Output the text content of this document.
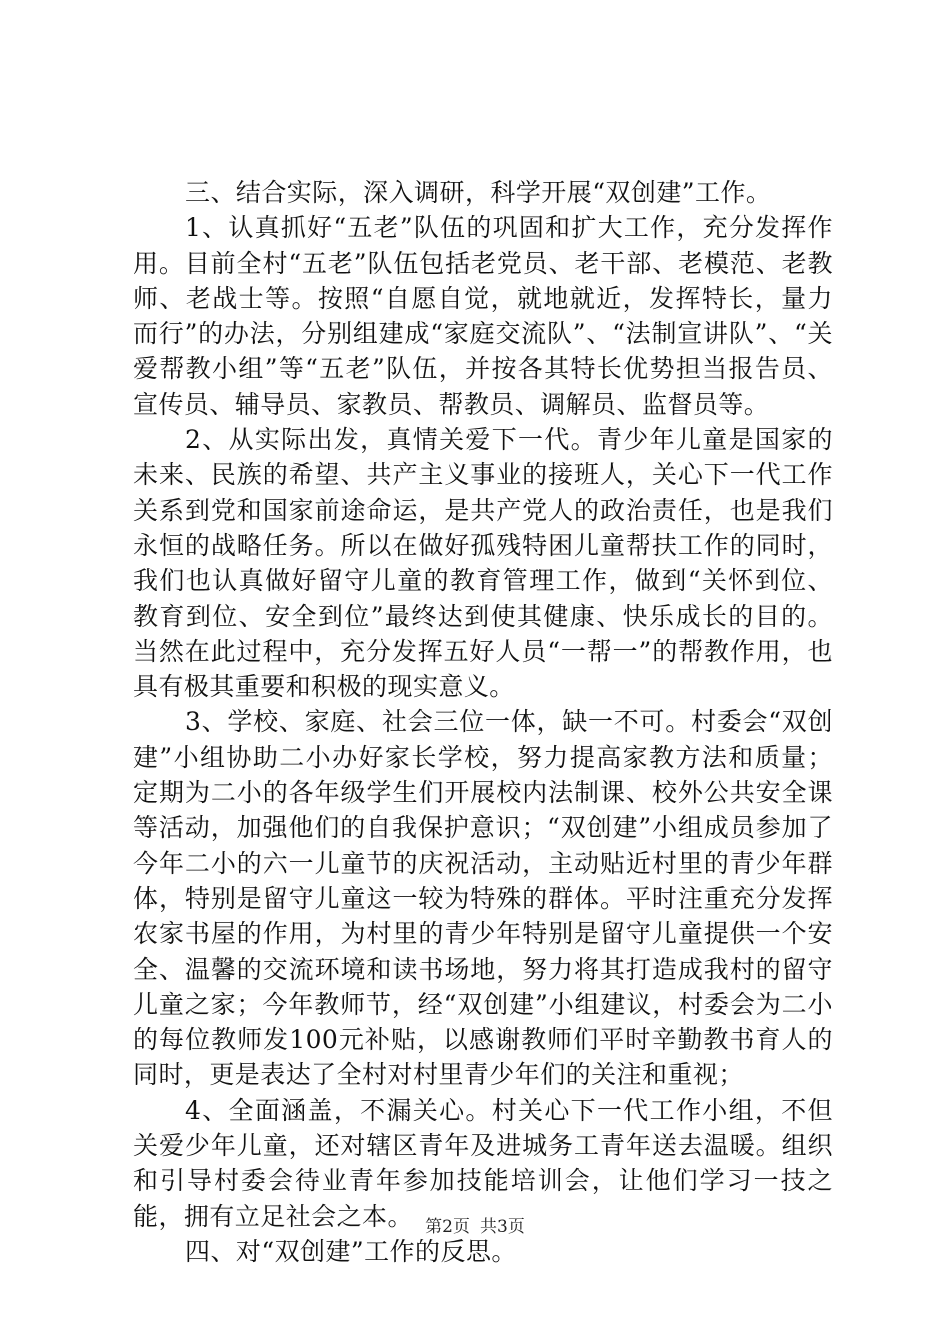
三、结合实际，深入调研，科学开展“双创建”工作。

1、认真抓好“五老”队伍的巩固和扩大工作，充分发挥作用。目前全村“五老”队伍包括老党员、老干部、老模范、老教师、老战士等。按照“自愿自觉，就地就近，发挥特长，量力而行”的办法，分别组建成“家庭交流队”、“法制宣讲队”、“关爱帮教小组”等“五老”队伍，并按各其特长优势担当报告员、宣传员、辅导员、家教员、帮教员、调解员、监督员等。

2、从实际出发，真情关爱下一代。青少年儿童是国家的未来、民族的希望、共产主义事业的接班人，关心下一代工作关系到党和国家前途命运，是共产党人的政治责任，也是我们永恒的战略任务。所以在做好孤残特困儿童帮扶工作的同时，我们也认真做好留守儿童的教育管理工作，做到“关怀到位、教育到位、安全到位”最终达到使其健康、快乐成长的目的。当然在此过程中，充分发挥五好人员“一帮一”的帮教作用，也具有极其重要和积极的现实意义。

3、学校、家庭、社会三位一体，缺一不可。村委会“双创建”小组协助二小办好家长学校，努力提高家教方法和质量；定期为二小的各年级学生们开展校内法制课、校外公共安全课等活动，加强他们的自我保护意识；“双创建”小组成员参加了今年二小的六一儿童节的庆祝活动，主动贴近村里的青少年群体，特别是留守儿童这一较为特殊的群体。平时注重充分发挥农家书屋的作用，为村里的青少年特别是留守儿童提供一个安全、温馨的交流环境和读书场地，努力将其打造成我村的留守儿童之家；今年教师节，经“双创建”小组建议，村委会为二小的每位教师发100元补贴，以感谢教师们平时辛勤教书育人的同时，更是表达了全村对村里青少年们的关注和重视；

4、全面涵盖，不漏关心。村关心下一代工作小组，不但关爱少年儿童，还对辖区青年及进城务工青年送去温暖。组织和引导村委会待业青年参加技能培训会，让他们学习一技之能，拥有立足社会之本。

四、对“双创建”工作的反思。

第2页 共3页
